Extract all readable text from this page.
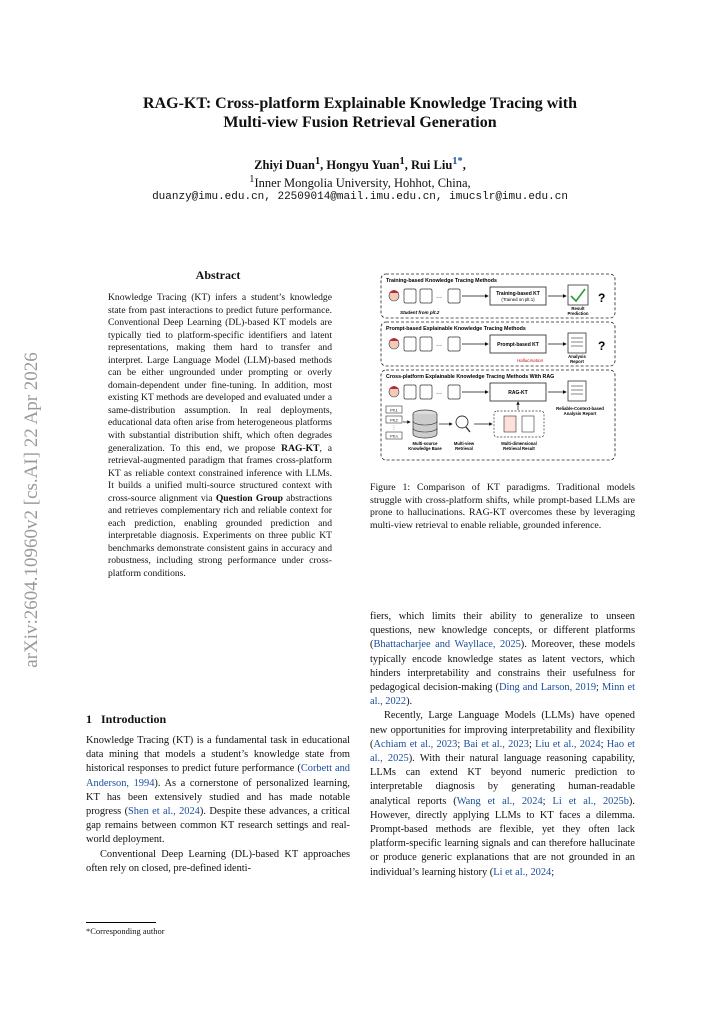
arXiv:2604.10960v2 [cs.AI] 22 Apr 2026
RAG-KT: Cross-platform Explainable Knowledge Tracing with
Multi-view Fusion Retrieval Generation
Zhiyi Duan$^1$, Hongyu Yuan$^1$, Rui Liu$^{1*}$,
$^1$Inner Mongolia University, Hohhot, China,
duanzy@imu.edu.cn, 22509014@mail.imu.edu.cn, imucslr@imu.edu.cn
Abstract
Knowledge Tracing (KT) infers a student’s knowledge state from past interactions to predict future performance. Conventional Deep Learning (DL)-based KT models are typically tied to platform-specific identifiers and latent representations, making them hard to transfer and interpret. Large Language Model (LLM)-based methods can be either ungrounded under prompting or overly domain-dependent under fine-tuning. In addition, most existing KT methods are developed and evaluated under a same-distribution assumption. In real deployments, educational data often arise from heterogeneous platforms with substantial distribution shift, which often degrades generalization. To this end, we propose RAG-KT, a retrieval-augmented paradigm that frames cross-platform KT as reliable context constrained inference with LLMs. It builds a unified multi-source structured context with cross-source alignment via Question Group abstractions and retrieves complementary rich and reliable context for each prediction, enabling grounded prediction and interpretable diagnosis. Experiments on three public KT benchmarks demonstrate consistent gains in accuracy and robustness, including strong performance under cross-platform conditions.
1 Introduction
Knowledge Tracing (KT) is a fundamental task in educational data mining that models a student’s knowledge state from historical responses to predict future performance (Corbett and Anderson, 1994). As a cornerstone of personalized learning, KT has been extensively studied and has made notable progress (Shen et al., 2024). Despite these advances, a critical gap remains between common KT research settings and real-world deployment.
Conventional Deep Learning (DL)-based KT approaches often rely on closed, pre-defined identi-
*Corresponding author
Training-based Knowledge Tracing Methods
…	Training-based KT
(Trained on plt.1)	?
Student from plt.2
Result
Prediction
Prompt-based Explainable Knowledge Tracing Methods
…	Prompt-based KT
Hallucination
?
Analysis
Report
Cross-platform Explainable Knowledge Tracing Methods With RAG
…	RAG-KT
Reliable-Context-based
Analysis Report
Plt.1
Plt.2
⋮
Plt.n
Multi-source
Knowledge Base
Multi-view
Retrieval
Multi-dimensional
Retrieval Result
Figure 1: Comparison of KT paradigms. Traditional models struggle with cross-platform shifts, while prompt-based LLMs are prone to hallucinations. RAG-KT overcomes these by leveraging multi-view retrieval to enable reliable, grounded inference.
fiers, which limits their ability to generalize to unseen questions, new knowledge concepts, or different platforms (Bhattacharjee and Wayllace, 2025). Moreover, these models typically encode knowledge states as latent vectors, which hinders interpretability and constrains their usefulness for pedagogical decision-making (Ding and Larson, 2019; Minn et al., 2022).
Recently, Large Language Models (LLMs) have opened new opportunities for improving interpretability and flexibility (Achiam et al., 2023; Bai et al., 2023; Liu et al., 2024; Hao et al., 2025). With their natural language reasoning capability, LLMs can extend KT beyond numeric prediction to interpretable diagnosis by generating human-readable analytical reports (Wang et al., 2024; Li et al., 2025b). However, directly applying LLMs to KT faces a dilemma. Prompt-based methods are flexible, yet they often lack platform-specific learning signals and can therefore hallucinate or produce generic explanations that are not grounded in an individual’s learning history (Li et al., 2024;
